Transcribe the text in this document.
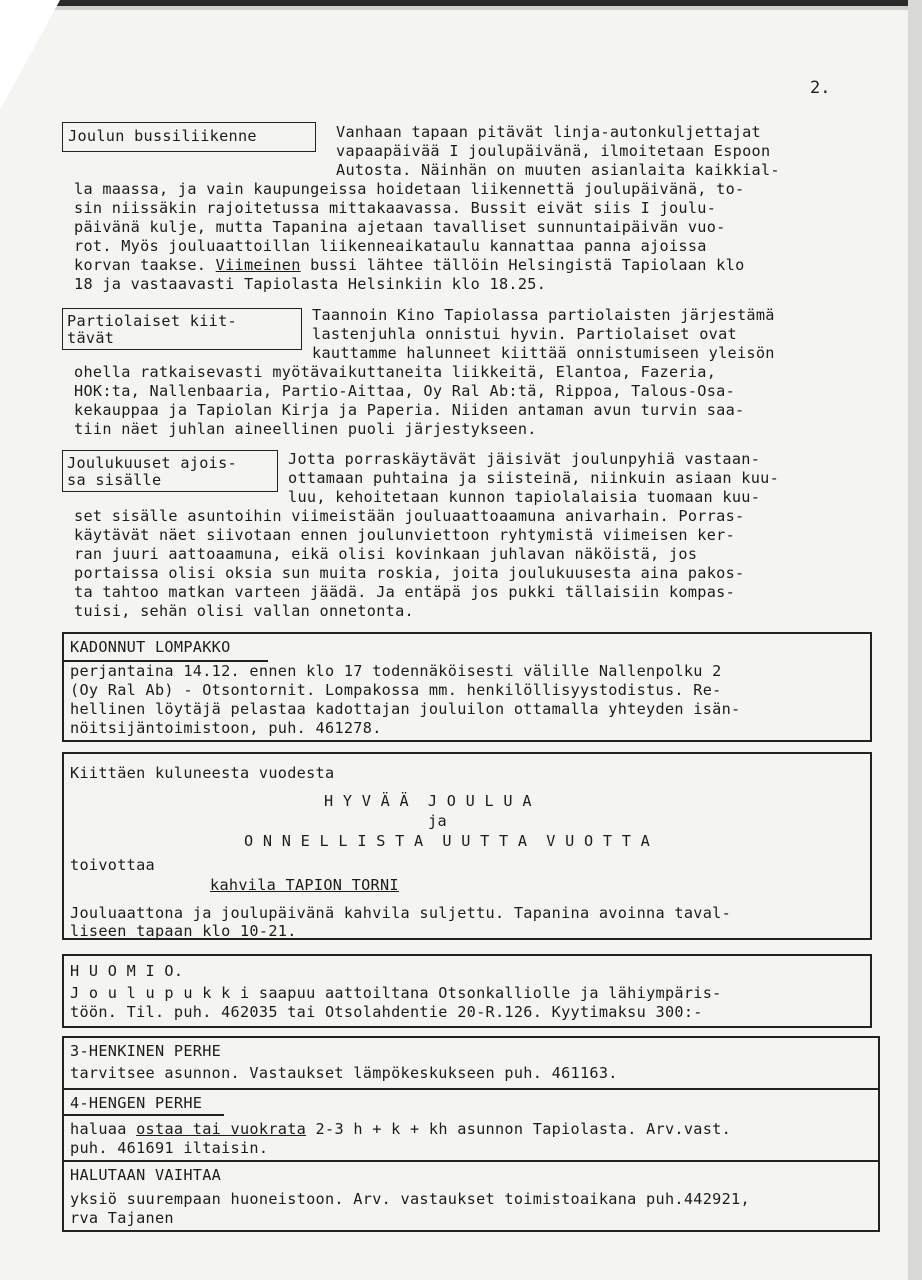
2.
Joulun bussiliikenne	Vanhaan tapaan pitävät linja-autonkuljettajat
vapaapäivää I joulupäivänä, ilmoitetaan Espoon
Autosta. Näinhän on muuten asianlaita kaikkial-
la maassa, ja vain kaupungeissa hoidetaan liikennettä joulupäivänä, to-
sin niissäkin rajoitetussa mittakaavassa. Bussit eivät siis I joulu-
päivänä kulje, mutta Tapanina ajetaan tavalliset sunnuntaipäivän vuo-
rot. Myös jouluaattoillan liikenneaikataulu kannattaa panna ajoissa
korvan taakse. Viimeinen bussi lähtee tällöin Helsingistä Tapiolaan klo
18 ja vastaavasti Tapiolasta Helsinkiin klo 18.25.
Partiolaiset kiit-
tävät
Taannoin Kino Tapiolassa partiolaisten järjestämä
lastenjuhla onnistui hyvin. Partiolaiset ovat
kauttamme halunneet kiittää onnistumiseen yleisön
ohella ratkaisevasti myötävaikuttaneita liikkeitä, Elantoa, Fazeria,
HOK:ta, Nallenbaaria, Partio-Aittaa, Oy Ral Ab:tä, Rippoa, Talous-Osa-
kekauppaa ja Tapiolan Kirja ja Paperia. Niiden antaman avun turvin saa-
tiin näet juhlan aineellinen puoli järjestykseen.
Joulukuuset ajois-
sa sisälle
Jotta porraskäytävät jäisivät joulunpyhiä vastaan-
ottamaan puhtaina ja siisteinä, niinkuin asiaan kuu-
luu, kehoitetaan kunnon tapiolalaisia tuomaan kuu-
set sisälle asuntoihin viimeistään jouluaattoaamuna anivarhain. Porras-
käytävät näet siivotaan ennen joulunviettoon ryhtymistä viimeisen ker-
ran juuri aattoaamuna, eikä olisi kovinkaan juhlavan näköistä, jos
portaissa olisi oksia sun muita roskia, joita joulukuusesta aina pakos-
ta tahtoo matkan varteen jäädä. Ja entäpä jos pukki tällaisiin kompas-
tuisi, sehän olisi vallan onnetonta.
KADONNUT LOMPAKKO
perjantaina 14.12. ennen klo 17 todennäköisesti välille Nallenpolku 2
(Oy Ral Ab) - Otsontornit. Lompakossa mm. henkilöllisyystodistus. Re-
hellinen löytäjä pelastaa kadottajan jouluilon ottamalla yhteyden isän-
nöitsijäntoimistoon, puh. 461278.
Kiittäen kuluneesta vuodesta
H Y V Ä Ä  J O U L U A
ja
O N N E L L I S T A  U U T T A  V U O T T A
toivottaa
kahvila TAPION TORNI
Jouluaattona ja joulupäivänä kahvila suljettu. Tapanina avoinna taval-
liseen tapaan klo 10-21.
H U O M I O.
J o u l u p u k k i saapuu aattoiltana Otsonkalliolle ja lähiympäris-
töön. Til. puh. 462035 tai Otsolahdentie 20-R.126. Kyytimaksu 300:-
3-HENKINEN PERHE
tarvitsee asunnon. Vastaukset lämpökeskukseen puh. 461163.
4-HENGEN PERHE
haluaa ostaa tai vuokrata 2-3 h + k + kh asunnon Tapiolasta. Arv.vast.
puh. 461691 iltaisin.
HALUTAAN VAIHTAA
yksiö suurempaan huoneistoon. Arv. vastaukset toimistoaikana puh.442921,
rva Tajanen
